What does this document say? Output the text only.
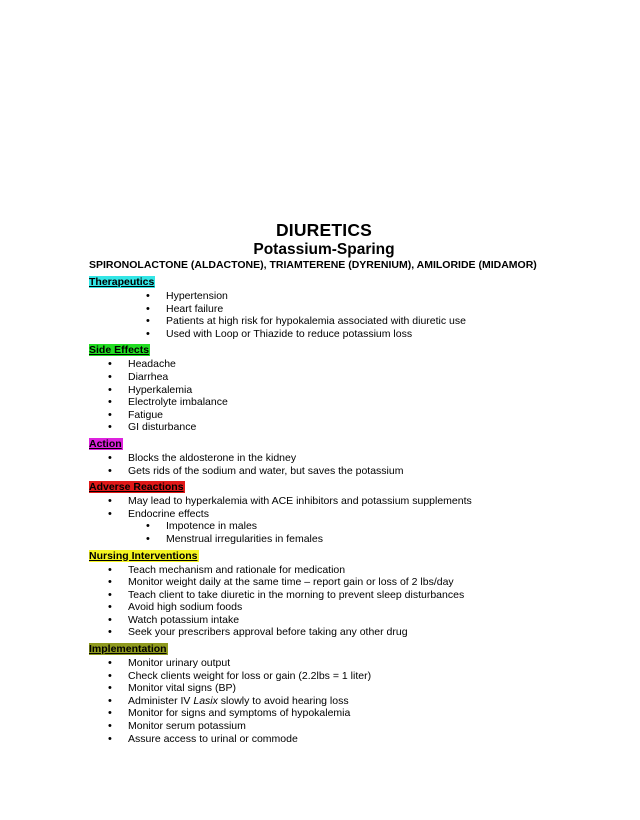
DIURETICS
Potassium-Sparing

SPIRONOLACTONE (ALDACTONE), TRIAMTERENE (DYRENIUM), AMILORIDE (MIDAMOR)

Therapeutics
• Hypertension
• Heart failure
• Patients at high risk for hypokalemia associated with diuretic use
• Used with Loop or Thiazide to reduce potassium loss
Side Effects
• Headache
• Diarrhea
• Hyperkalemia
• Electrolyte imbalance
• Fatigue
• GI disturbance
Action
• Blocks the aldosterone in the kidney
• Gets rids of the sodium and water, but saves the potassium
Adverse Reactions
• May lead to hyperkalemia with ACE inhibitors and potassium supplements
• Endocrine effects
• Impotence in males
• Menstrual irregularities in females
Nursing Interventions
• Teach mechanism and rationale for medication
• Monitor weight daily at the same time – report gain or loss of 2 lbs/day
• Teach client to take diuretic in the morning to prevent sleep disturbances
• Avoid high sodium foods
• Watch potassium intake
• Seek your prescribers approval before taking any other drug
Implementation
• Monitor urinary output
• Check clients weight for loss or gain (2.2lbs = 1 liter)
• Monitor vital signs (BP)
• Administer IV Lasix slowly to avoid hearing loss
• Monitor for signs and symptoms of hypokalemia
• Monitor serum potassium
• Assure access to urinal or commode
